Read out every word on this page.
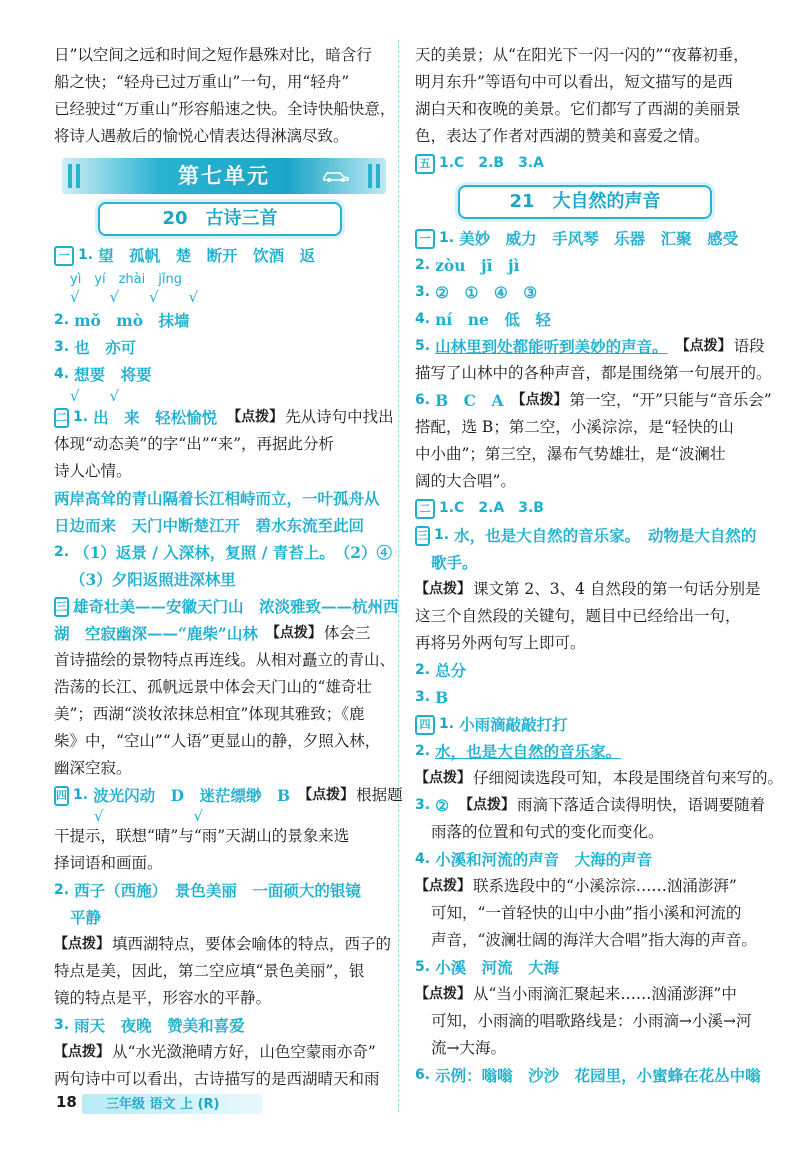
日”以空间之远和时间之短作悬殊对比，暗含行
船之快；“轻舟已过万重山”一句，用“轻舟”
已经驶过“万重山”形容船速之快。全诗快船快意，
将诗人遇赦后的愉悦心情表达得淋漓尽致。
第七单元
20　古诗三首
一 1. 望　孤帆　楚　断开　饮酒　返
yì　yí　zhài　jǐng
√　　√　　√　　√
2. mǒ　mò　抹墙
3. 也　亦可
4. 想要　将要
√　　√
二 1. 出　来　轻松愉悦 【点拨】 先从诗句中找出
体现“动态美”的字“出”“来”，再据此分析
诗人心情。
两岸高耸的青山隔着长江相峙而立，一叶孤舟从
日边而来　天门中断楚江开　碧水东流至此回
2. （1）返景 / 入深林，复照 / 青苔上。　（2）④
（3）夕阳返照进深林里
三 雄奇壮美——安徽天门山　浓淡雅致——杭州西
湖　空寂幽深——“鹿柴”山林 【点拨】 体会三
首诗描绘的景物特点再连线。从相对矗立的青山、
浩荡的长江、孤帆远景中体会天门山的“雄奇壮
美”；西湖“淡妆浓抹总相宜”体现其雅致；《鹿
柴》中，“空山”“人语”更显山的静，夕照入林，
幽深空寂。
四 1. 波光闪动　D　迷茫缥缈　B 【点拨】 根据题
√　　　　　　√
干提示，联想“晴”与“雨”天湖山的景象来选
择词语和画面。
2. 西子（西施）　景色美丽　一面硕大的银镜
平静
【点拨】 填西湖特点，要体会喻体的特点，西子的
特点是美，因此，第二空应填“景色美丽”，银
镜的特点是平，形容水的平静。
3. 雨天　夜晚　赞美和喜爱
【点拨】 从“水光潋滟晴方好，山色空蒙雨亦奇”
两句诗中可以看出，古诗描写的是西湖晴天和雨
天的美景；从“在阳光下一闪一闪的”“夜幕初垂，
明月东升”等语句中可以看出，短文描写的是西
湖白天和夜晚的美景。它们都写了西湖的美丽景
色，表达了作者对西湖的赞美和喜爱之情。
五 1.C　2.B　3.A
21　大自然的声音
一 1. 美妙　威力　手风琴　乐器　汇聚　感受
2. zòu　jī　jì
3. ②　①　④　③
4. ní　ne　低　轻
5. 山林里到处都能听到美妙的声音。 【点拨】 语段
描写了山林中的各种声音，都是围绕第一句展开的。
6. B　C　A 【点拨】 第一空，“开”只能与“音乐会”
搭配，选 B；第二空，小溪淙淙，是“轻快的山
中小曲”；第三空，瀑布气势雄壮，是“波澜壮
阔的大合唱”。
二 1.C　2.A　3.B
三 1. 水，也是大自然的音乐家。　动物是大自然的
歌手。
【点拨】 课文第 2、3、4 自然段的第一句话分别是
这三个自然段的关键句，题目中已经给出一句，
再将另外两句写上即可。
2. 总分
3. B
四 1. 小雨滴敲敲打打
2. 水，也是大自然的音乐家。
【点拨】 仔细阅读选段可知，本段是围绕首句来写的。
3. ② 【点拨】 雨滴下落适合读得明快，语调要随着
雨落的位置和句式的变化而变化。
4. 小溪和河流的声音　大海的声音
【点拨】 联系选段中的“小溪淙淙……汹涌澎湃”
可知，“一首轻快的山中小曲”指小溪和河流的
声音，“波澜壮阔的海洋大合唱”指大海的声音。
5. 小溪　河流　大海
【点拨】 从“当小雨滴汇聚起来……汹涌澎湃”中
可知，小雨滴的唱歌路线是：小雨滴→小溪→河
流→大海。
6. 示例：嗡嗡　沙沙　花园里，小蜜蜂在花丛中嗡
18 三年级 语文 上 (R)
